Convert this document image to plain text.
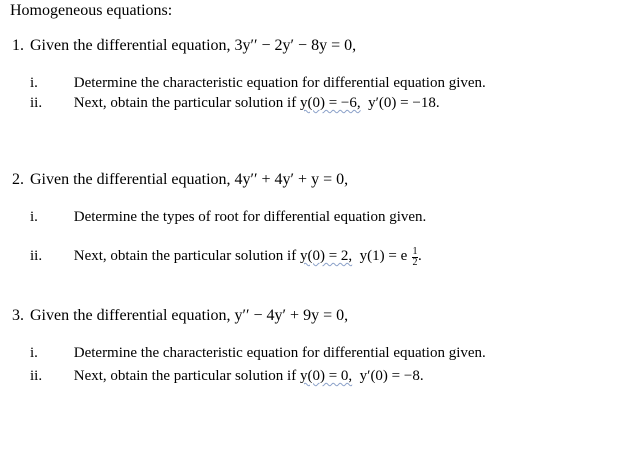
Homogeneous equations:
1. Given the differential equation, 3y′′ − 2y′ − 8y = 0,
i. Determine the characteristic equation for differential equation given.
ii. Next, obtain the particular solution if y(0) = −6, y′(0) = −18.
2. Given the differential equation, 4y′′ + 4y′ + y = 0,
i. Determine the types of root for differential equation given.
ii. Next, obtain the particular solution if y(0) = 2, y(1) = e $\frac{1}{2}$ .
3. Given the differential equation, y′′ − 4y′ + 9y = 0,
i. Determine the characteristic equation for differential equation given.
ii. Next, obtain the particular solution if y(0) = 0, y′(0) = −8.
